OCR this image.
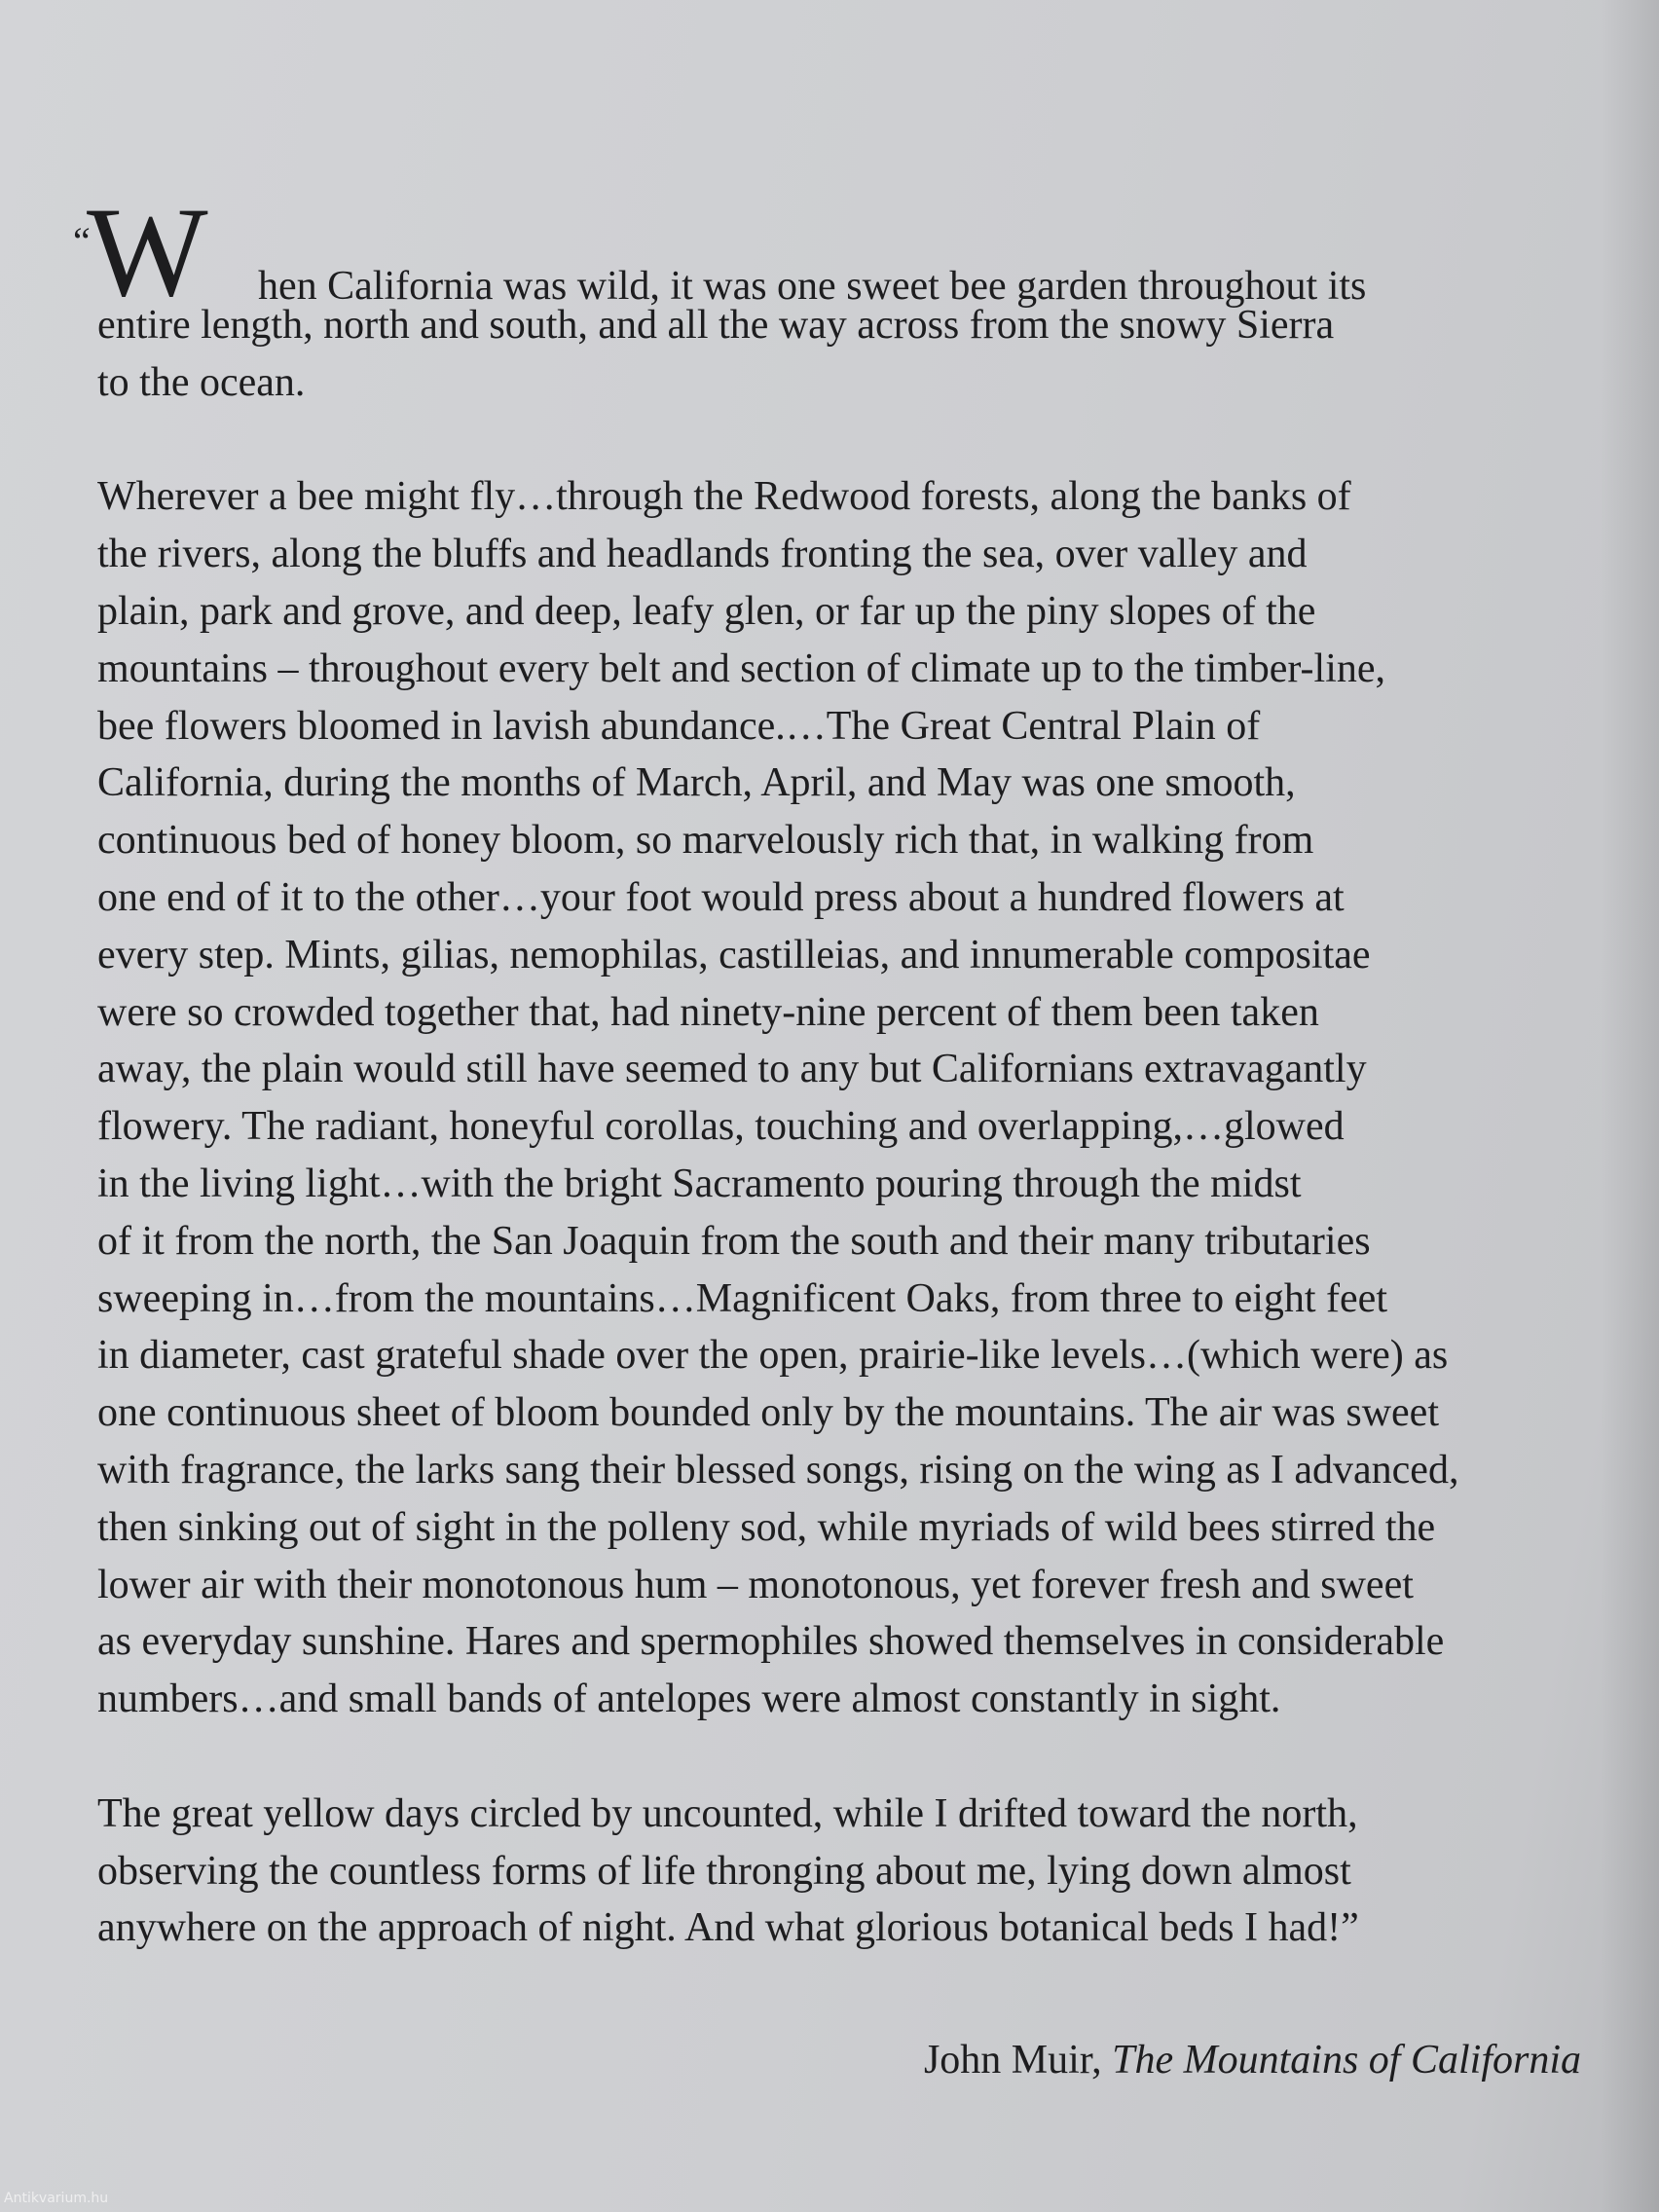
“
W hen California was wild, it was one sweet bee garden throughout its
entire length, north and south, and all the way across from the snowy Sierra
to the ocean.
Wherever a bee might fly…through the Redwood forests, along the banks of
the rivers, along the bluffs and headlands fronting the sea, over valley and
plain, park and grove, and deep, leafy glen, or far up the piny slopes of the
mountains – throughout every belt and section of climate up to the timber-line,
bee flowers bloomed in lavish abundance.…The Great Central Plain of
California, during the months of March, April, and May was one smooth,
continuous bed of honey bloom, so marvelously rich that, in walking from
one end of it to the other…your foot would press about a hundred flowers at
every step. Mints, gilias, nemophilas, castilleias, and innumerable compositae
were so crowded together that, had ninety-nine percent of them been taken
away, the plain would still have seemed to any but Californians extravagantly
flowery. The radiant, honeyful corollas, touching and overlapping,…glowed
in the living light…with the bright Sacramento pouring through the midst
of it from the north, the San Joaquin from the south and their many tributaries
sweeping in…from the mountains…Magnificent Oaks, from three to eight feet
in diameter, cast grateful shade over the open, prairie-like levels…(which were) as
one continuous sheet of bloom bounded only by the mountains. The air was sweet
with fragrance, the larks sang their blessed songs, rising on the wing as I advanced,
then sinking out of sight in the polleny sod, while myriads of wild bees stirred the
lower air with their monotonous hum – monotonous, yet forever fresh and sweet
as everyday sunshine. Hares and spermophiles showed themselves in considerable
numbers…and small bands of antelopes were almost constantly in sight.
The great yellow days circled by uncounted, while I drifted toward the north,
observing the countless forms of life thronging about me, lying down almost
anywhere on the approach of night. And what glorious botanical beds I had!”
John Muir, The Mountains of California
Antikvarium.hu
